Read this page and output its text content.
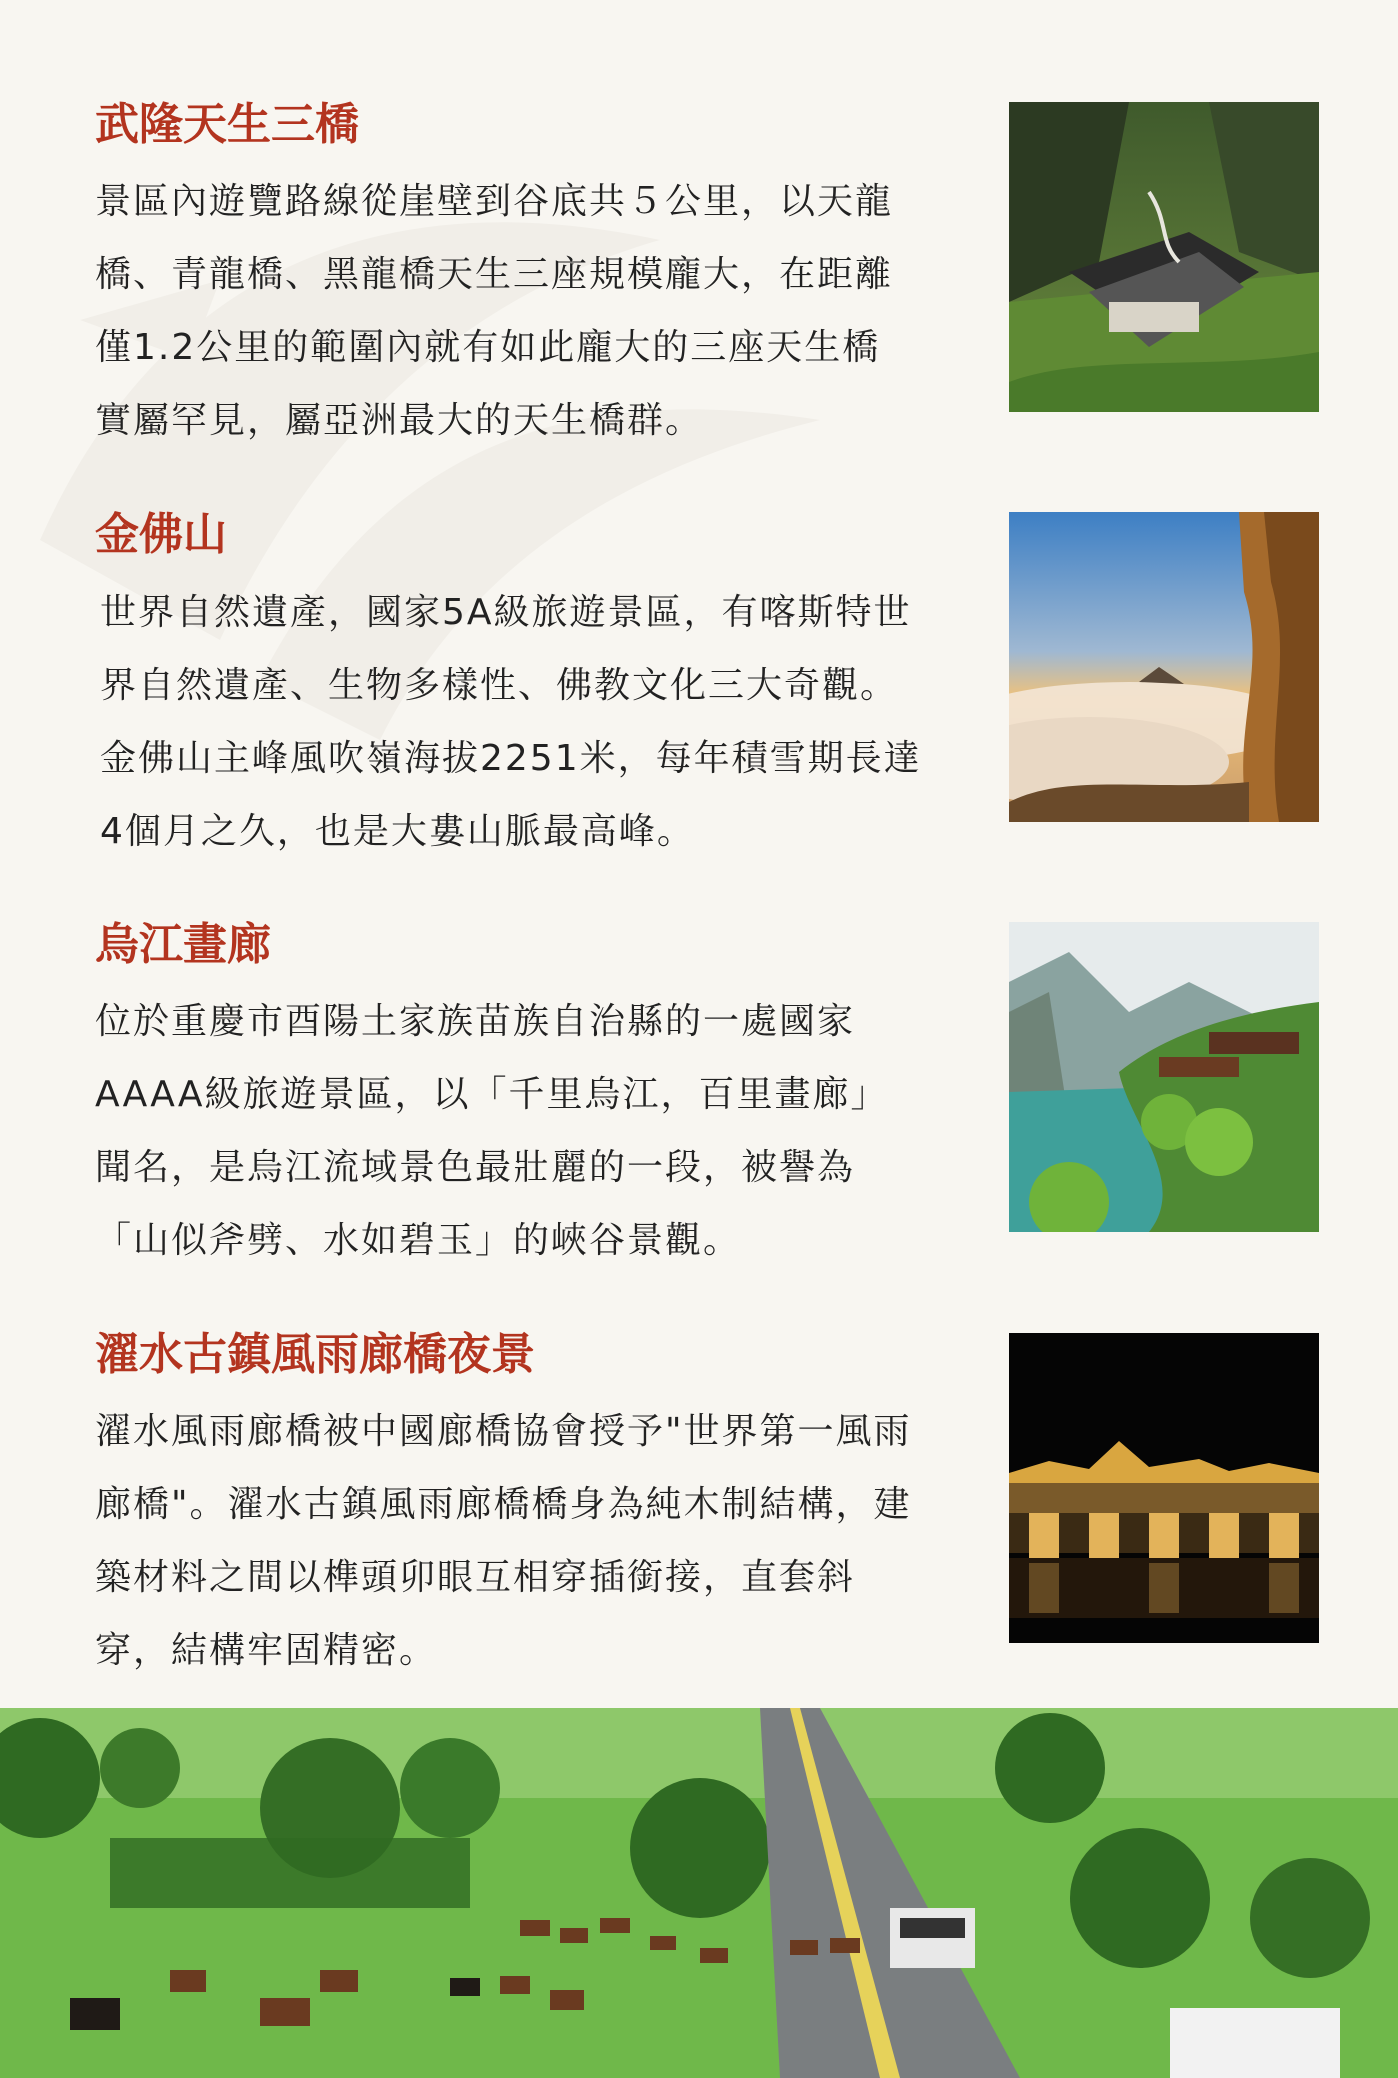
武隆天生三橋
景區內遊覽路線從崖壁到谷底共５公里，以天龍
橋、青龍橋、黑龍橋天生三座規模龐大，在距離
僅1.2公里的範圍內就有如此龐大的三座天生橋
實屬罕見，屬亞洲最大的天生橋群。
金佛山
世界自然遺產，國家5A級旅遊景區，有喀斯特世
界自然遺產、生物多樣性、佛教文化三大奇觀。
金佛山主峰風吹嶺海拔2251米，每年積雪期長達
4個月之久，也是大婁山脈最高峰。
烏江畫廊
位於重慶市酉陽土家族苗族自治縣的一處國家
AAAA級旅遊景區，以「千里烏江，百里畫廊」
聞名，是烏江流域景色最壯麗的一段，被譽為
「山似斧劈、水如碧玉」的峽谷景觀。
濯水古鎮風雨廊橋夜景
濯水風雨廊橋被中國廊橋協會授予"世界第一風雨
廊橋"。濯水古鎮風雨廊橋橋身為純木制結構，建
築材料之間以榫頭卯眼互相穿插銜接，直套斜
穿，結構牢固精密。
